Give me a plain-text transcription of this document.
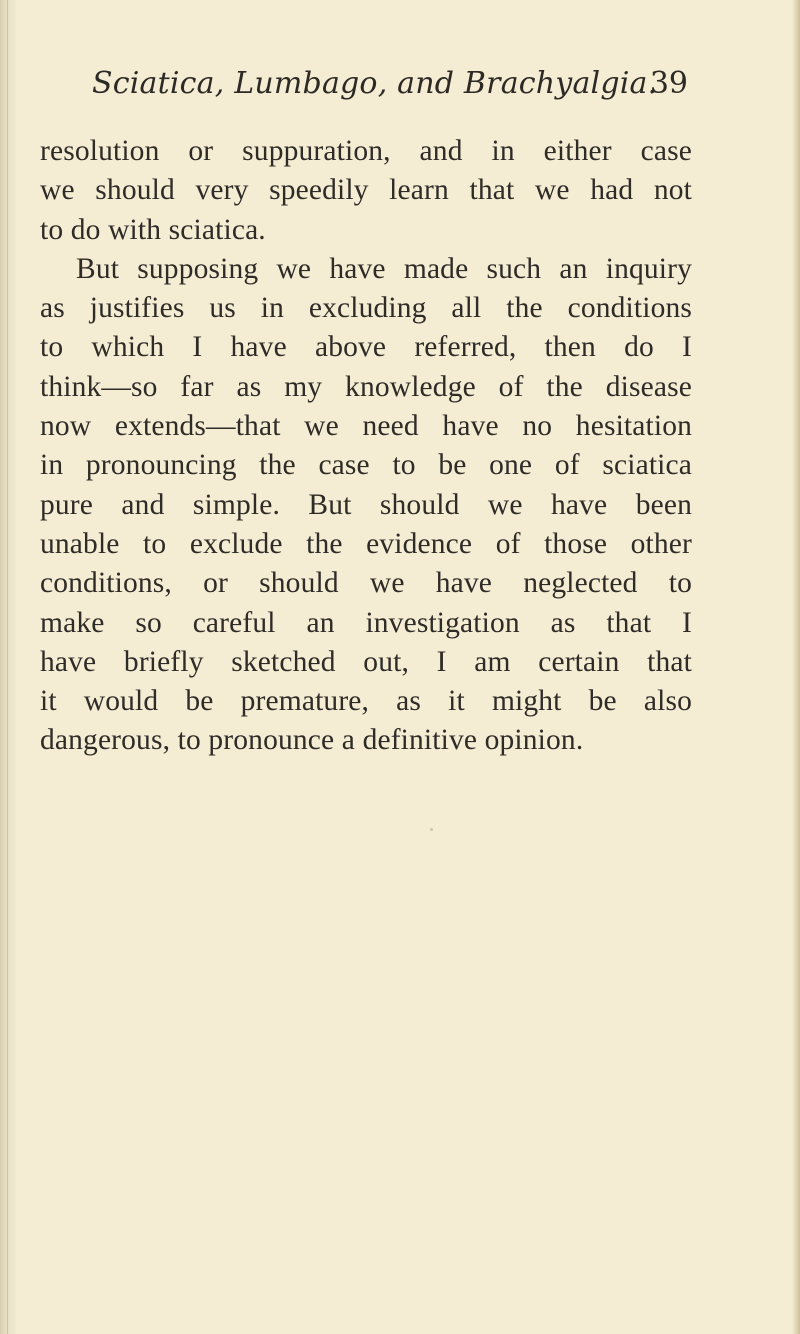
Sciatica, Lumbago, and Brachyalgia.
39
resolution or suppuration, and in either case
we should very speedily learn that we had not
to do with sciatica.
But supposing we have made such an inquiry
as justifies us in excluding all the conditions
to which I have above referred, then do I
think—so far as my knowledge of the disease
now extends—that we need have no hesitation
in pronouncing the case to be one of sciatica
pure and simple. But should we have been
unable to exclude the evidence of those other
conditions, or should we have neglected to
make so careful an investigation as that I
have briefly sketched out, I am certain that
it would be premature, as it might be also
dangerous, to pronounce a definitive opinion.
